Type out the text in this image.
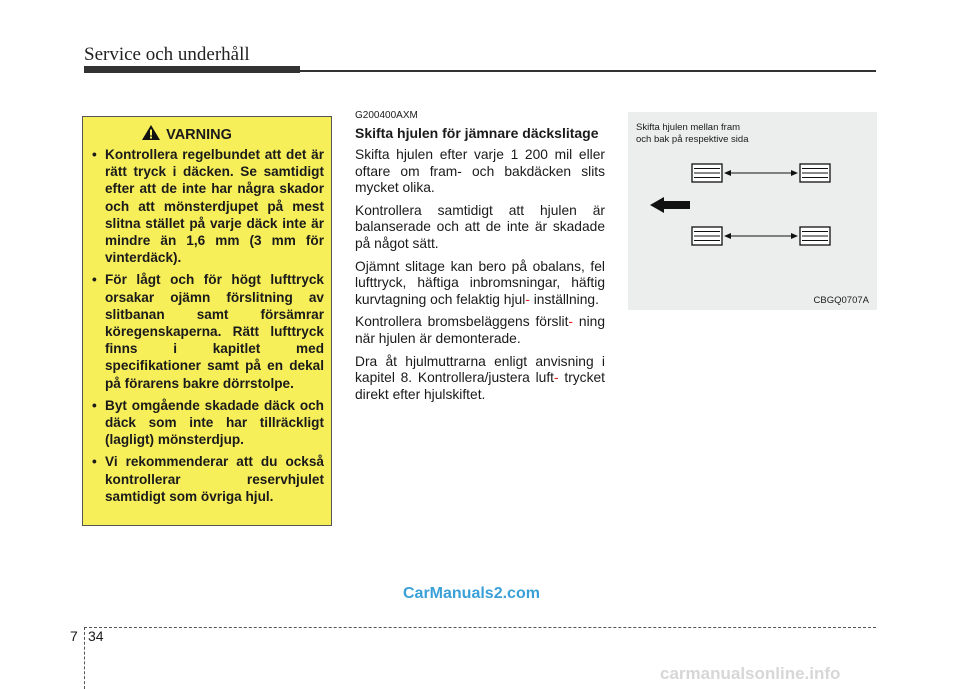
Service och underhåll
VARNING
• Kontrollera regelbundet att det är rätt tryck i däcken. Se samtidigt efter att de inte har några skador och att mönsterdjupet på mest slitna stället på varje däck inte är mindre än 1,6 mm (3 mm för vinterdäck).
• För lågt och för högt lufttryck orsakar ojämn förslitning av slitbanan samt försämrar köregenskaperna. Rätt lufttryck finns i kapitlet med specifikationer samt på en dekal på förarens bakre dörrstolpe.
• Byt omgående skadade däck och däck som inte har tillräckligt (lagligt) mönsterdjup.
• Vi rekommenderar att du också kontrollerar reservhjulet samtidigt som övriga hjul.
G200400AXM
Skifta hjulen för jämnare däckslitage

Skifta hjulen efter varje 1 200 mil eller oftare om fram- och bakdäcken slits mycket olika.

Kontrollera samtidigt att hjulen är balanserade och att de inte är skadade på något sätt.

Ojämnt slitage kan bero på obalans, fel lufttryck, häftiga inbromsningar, häftig kurvtagning och felaktig hjul- inställning.

Kontrollera bromsbeläggens förslit- ning när hjulen är demonterade.

Dra åt hjulmuttrarna enligt anvisning i kapitel 8. Kontrollera/justera luft- trycket direkt efter hjulskiftet.

Skifta hjulen mellan fram
och bak på respektive sida
CBGQ0707A
CarManuals2.com
7 34
carmanualsonline.info
